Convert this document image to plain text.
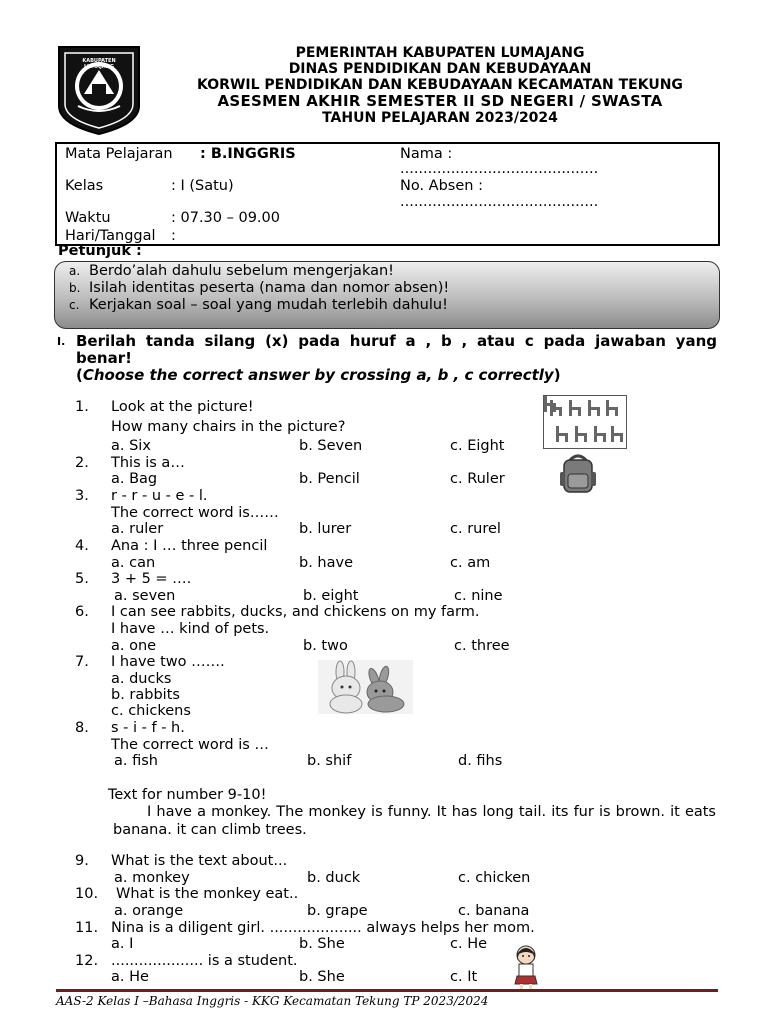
KABUPATEN LUMAJANG
PEMERINTAH KABUPATEN LUMAJANG
DINAS PENDIDIKAN DAN KEBUDAYAAN
KORWIL PENDIDIKAN DAN KEBUDAYAAN KECAMATAN TEKUNG
ASESMEN AKHIR SEMESTER II SD NEGERI / SWASTA
TAHUN PELAJARAN 2023/2024
Mata Pelajaran : B.INGGRIS
Kelas	: I (Satu)
Waktu	: 07.30 – 09.00
Hari/Tanggal :
Nama :
...........................................
No. Absen :
...........................................
Petunjuk :
a. Berdo’alah dahulu sebelum mengerjakan!
b. Isilah identitas peserta (nama dan nomor absen)!
c. Kerjakan soal – soal yang mudah terlebih dahulu!
I. Berilah tanda silang (x) pada huruf a , b , atau c pada jawaban yang
benar!
(Choose the correct answer by crossing a, b , c correctly)
1. Look at the picture!
How many chairs in the picture?
a. Six	b. Seven	c. Eight
2. This is a…
a. Bag	b. Pencil	c. Ruler
3. r - r - u - e - l.
The correct word is……
a. ruler	b. lurer	c. rurel
4. Ana : I … three pencil
a. can	b. have	c. am
5. 3 + 5 = ….
a. seven	b. eight	c. nine
6. I can see rabbits, ducks, and chickens on my farm.
I have … kind of pets.
a. one	b. two	c. three
7. I have two …….
a. ducks
b. rabbits
c. chickens
8. s - i - f - h.
The correct word is …
a. fish	b. shif	d. fihs
Text for number 9-10!
I have a monkey. The monkey is funny. It has long tail. its fur is brown. it eats banana. it can climb trees.
9. What is the text about...
a. monkey	b. duck	c. chicken
10. What is the monkey eat..
a. orange	b. grape	c. banana
11. Nina is a diligent girl. .................... always helps her mom.
a. I	b. She	c. He
12. .................... is a student.
a. He	b. She	c. It
AAS-2 Kelas I –Bahasa Inggris - KKG Kecamatan Tekung TP 2023/2024
